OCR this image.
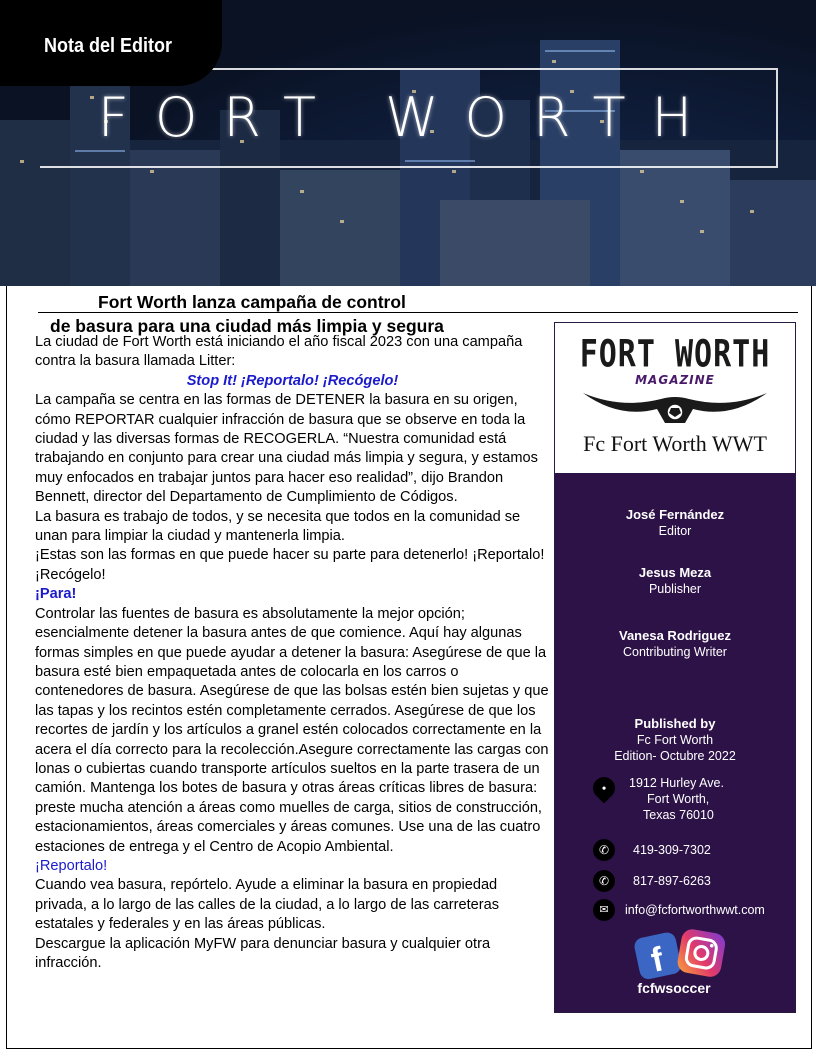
FORT WORTH
Nota del Editor
Fort Worth lanza campaña de control
de basura para una ciudad más limpia y segura

La ciudad de Fort Worth está iniciando el año fiscal 2023 con una campaña contra la basura llamada Litter:

Stop It! ¡Reportalo! ¡Recógelo!

La campaña se centra en las formas de DETENER la basura en su origen, cómo REPORTAR cualquier infracción de basura que se observe en toda la ciudad y las diversas formas de RECOGERLA. “Nuestra comunidad está trabajando en conjunto para crear una ciudad más limpia y segura, y estamos muy enfocados en trabajar juntos para hacer eso realidad”, dijo Brandon Bennett, director del Departamento de Cumplimiento de Códigos.

La basura es trabajo de todos, y se necesita que todos en la comunidad se unan para limpiar la ciudad y mantenerla limpia.

¡Estas son las formas en que puede hacer su parte para detenerlo! ¡Reportalo! ¡Recógelo!

¡Para!

Controlar las fuentes de basura es absolutamente la mejor opción; esencialmente detener la basura antes de que comience. Aquí hay algunas formas simples en que puede ayudar a detener la basura: Asegúrese de que la basura esté bien empaquetada antes de colocarla en los carros o contenedores de basura. Asegúrese de que las bolsas estén bien sujetas y que las tapas y los recintos estén completamente cerrados. Asegúrese de que los recortes de jardín y los artículos a granel estén colocados correctamente en la acera el día correcto para la recolección.Asegure correctamente las cargas con lonas o cubiertas cuando transporte artículos sueltos en la parte trasera de un camión. Mantenga los botes de basura y otras áreas críticas libres de basura: preste mucha atención a áreas como muelles de carga, sitios de construcción, estacionamientos, áreas comerciales y áreas comunes. Use una de las cuatro estaciones de entrega y el Centro de Acopio Ambiental.

¡Reportalo!

Cuando vea basura, repórtelo. Ayude a eliminar la basura en propiedad privada, a lo largo de las calles de la ciudad, a lo largo de las carreteras estatales y federales y en las áreas públicas.

Descargue la aplicación MyFW para denunciar basura y cualquier otra infracción.

FORT WORTH
MAGAZINE
Fc Fort Worth WWT
José Fernández
Editor
Jesus Meza
Publisher
Vanesa Rodriguez
Contributing Writer
Published by
Fc Fort Worth
Edition- Octubre 2022
•	1912 Hurley Ave.
Fort Worth,
Texas 76010
✆	419-309-7302
✆	817-897-6263
✉	info@fcfortworthwwt.com
f
fcfwsoccer
